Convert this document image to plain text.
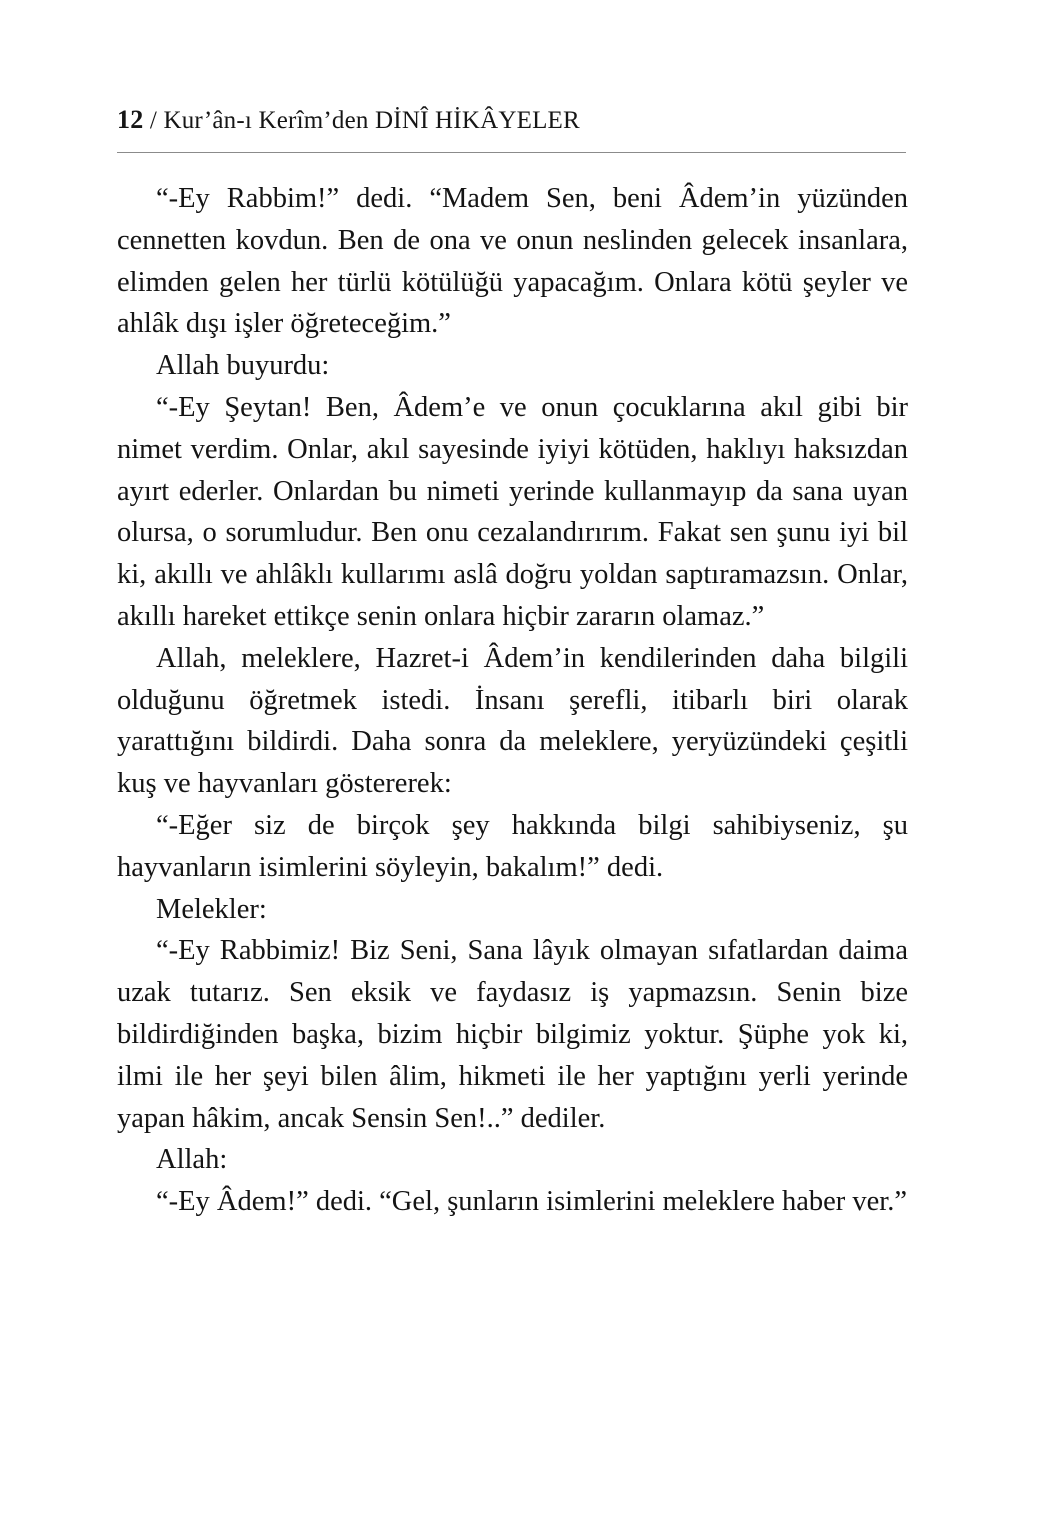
12 / Kur’ân-ı Kerîm’den DİNÎ HİKÂYELER

“-Ey Rabbim!” dedi. “Madem Sen, beni Âdem’in yüzünden cennetten kovdun. Ben de ona ve onun neslinden gelecek insanlara, elimden gelen her türlü kötülüğü yapacağım. Onlara kötü şeyler ve ahlâk dışı işler öğreteceğim.”

Allah buyurdu:

“-Ey Şeytan! Ben, Âdem’e ve onun çocuklarına akıl gibi bir nimet verdim. Onlar, akıl sayesinde iyiyi kötüden, haklıyı haksızdan ayırt ederler. Onlardan bu nimeti yerinde kullanmayıp da sana uyan olursa, o sorumludur. Ben onu cezalandırırım. Fakat sen şunu iyi bil ki, akıllı ve ahlâklı kullarımı aslâ doğru yoldan saptıramazsın. Onlar, akıllı hareket ettikçe senin onlara hiçbir zararın olamaz.”

Allah, meleklere, Hazret-i Âdem’in kendilerinden daha bilgili olduğunu öğretmek istedi. İnsanı şerefli, itibarlı biri olarak yarattığını bildirdi. Daha sonra da meleklere, yeryüzündeki çeşitli kuş ve hayvanları göstererek:

“-Eğer siz de birçok şey hakkında bilgi sahibiyseniz, şu hayvanların isimlerini söyleyin, bakalım!” dedi.

Melekler:

“-Ey Rabbimiz! Biz Seni, Sana lâyık olmayan sıfatlardan daima uzak tutarız. Sen eksik ve faydasız iş yapmazsın. Senin bize bildirdiğinden başka, bizim hiçbir bilgimiz yoktur. Şüphe yok ki, ilmi ile her şeyi bilen âlim, hikmeti ile her yaptığını yerli yerinde yapan hâkim, ancak Sensin Sen!..” dediler.

Allah:

“-Ey Âdem!” dedi. “Gel, şunların isimlerini meleklere haber ver.”
